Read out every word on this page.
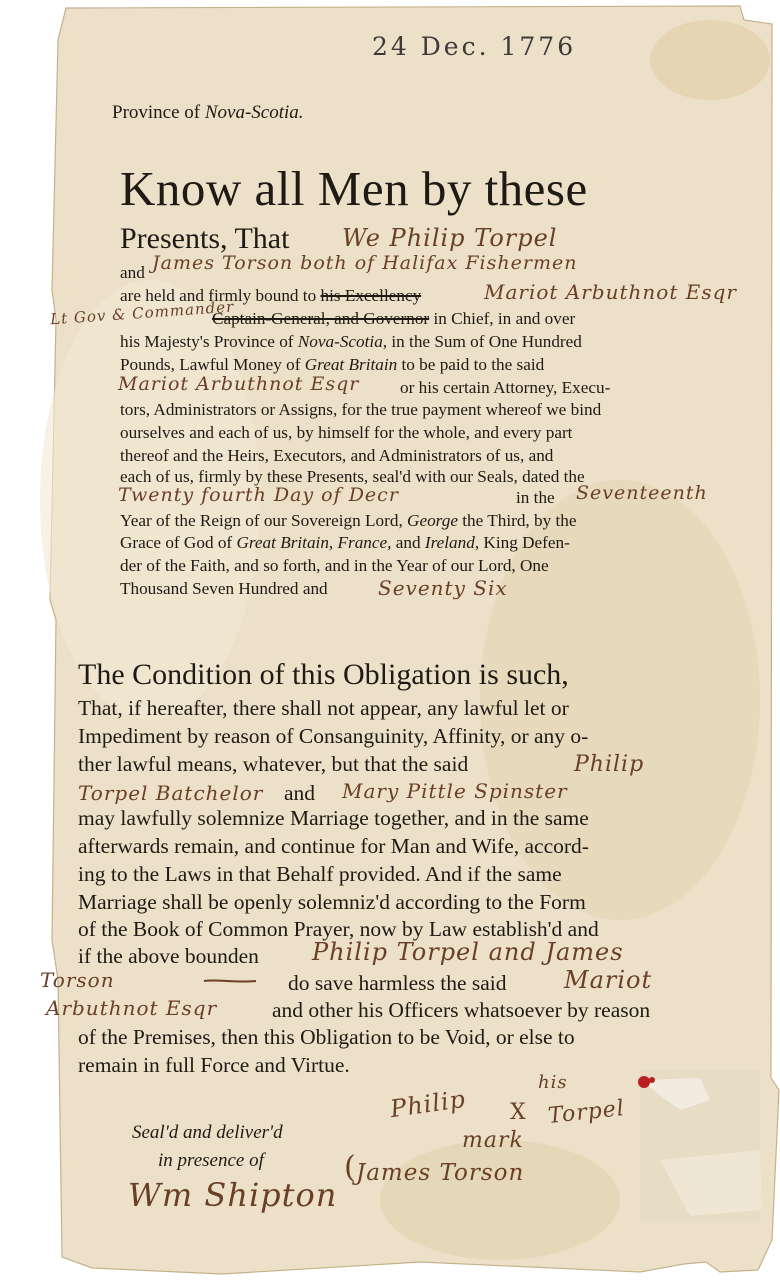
24 Dec. 1776
Province of Nova-Scotia.
Know all Men by these
Presents, That We Philip Torpel
and James Torson both of Halifax Fishermen
are held and firmly bound to his Excellency	Mariot Arbuthnot Esqr
Lt Gov & Commander
Captain-General, and Governor in Chief, in and over
his Majesty's Province of Nova-Scotia, in the Sum of One Hundred
Pounds, Lawful Money of Great Britain to be paid to the said
Mariot Arbuthnot Esqr or his certain Attorney, Execu-
tors, Administrators or Assigns, for the true payment whereof we bind
ourselves and each of us, by himself for the whole, and every part
thereof and the Heirs, Executors, and Administrators of us, and
each of us, firmly by these Presents, seal'd with our Seals, dated the
Twenty fourth Day of Decr	in the Seventeenth
Year of the Reign of our Sovereign Lord, George the Third, by the
Grace of God of Great Britain, France, and Ireland, King Defen-
der of the Faith, and so forth, and in the Year of our Lord, One
Thousand Seven Hundred and	Seventy Six
The Condition of this Obligation is such,
That, if hereafter, there shall not appear, any lawful let or
Impediment by reason of Consanguinity, Affinity, or any o-
ther lawful means, whatever, but that the said	Philip
Torpel Batchelor and Mary Pittle Spinster
may lawfully solemnize Marriage together, and in the same
afterwards remain, and continue for Man and Wife, accord-
ing to the Laws in that Behalf provided. And if the same
Marriage shall be openly solemniz'd according to the Form
of the Book of Common Prayer, now by Law establish'd and
if the above bounden Philip Torpel and James
Torson	do save harmless the said Mariot
Arbuthnot Esqr	and other his Officers whatsoever by reason
of the Premises, then this Obligation to be Void, or else to
remain in full Force and Virtue.
Seal'd and deliver'd
in presence of
Philip
his
X Torpel
mark
( James Torson
Wm Shipton
